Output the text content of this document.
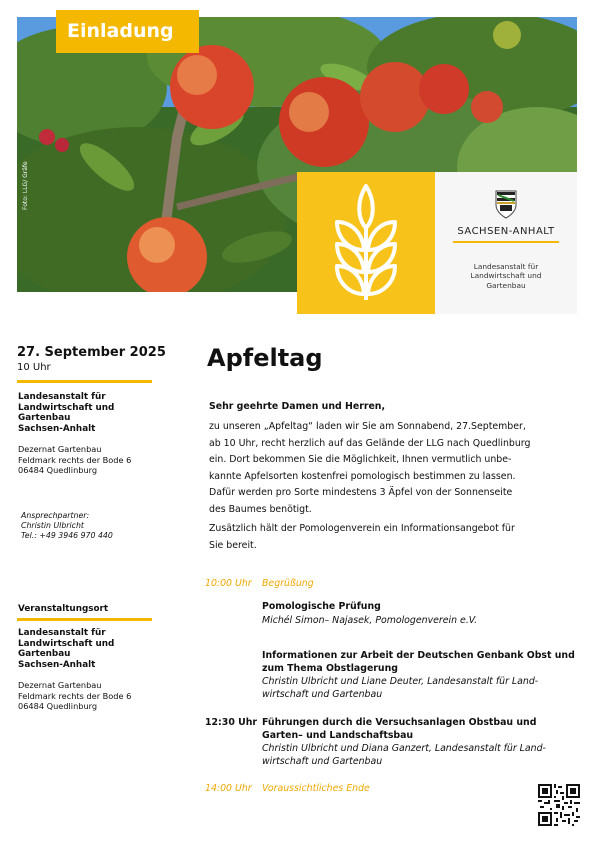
Einladung
Foto: LLG/ Gräfe
SACHSEN-ANHALT
Landesanstalt für
Landwirtschaft und
Gartenbau
27. September 2025
10 Uhr
Landesanstalt für
Landwirtschaft und
Gartenbau
Sachsen-Anhalt
Dezernat Gartenbau
Feldmark rechts der Bode 6
06484 Quedlinburg
Ansprechpartner:
Christin Ulbricht
Tel.: +49 3946 970 440
Veranstaltungsort
Landesanstalt für
Landwirtschaft und
Gartenbau
Sachsen-Anhalt
Dezernat Gartenbau
Feldmark rechts der Bode 6
06484 Quedlinburg
Apfeltag
Sehr geehrte Damen und Herren,
zu unseren „Apfeltag“ laden wir Sie am Sonnabend, 27.September,
ab 10 Uhr, recht herzlich auf das Gelände der LLG nach Quedlinburg
ein. Dort bekommen Sie die Möglichkeit, Ihnen vermutlich unbe-
kannte Apfelsorten kostenfrei pomologisch bestimmen zu lassen.
Dafür werden pro Sorte mindestens 3 Äpfel von der Sonnenseite
des Baumes benötigt.
Zusätzlich hält der Pomologenverein ein Informationsangebot für
Sie bereit.
10:00 Uhr Begrüßung
Pomologische Prüfung
Michél Simon– Najasek, Pomologenverein e.V.
Informationen zur Arbeit der Deutschen Genbank Obst und
zum Thema Obstlagerung
Christin Ulbricht und Liane Deuter, Landesanstalt für Land-
wirtschaft und Gartenbau
12:30 Uhr Führungen durch die Versuchsanlagen Obstbau und
Garten– und Landschaftsbau
Christin Ulbricht und Diana Ganzert, Landesanstalt für Land-
wirtschaft und Gartenbau
14:00 Uhr Voraussichtliches Ende
